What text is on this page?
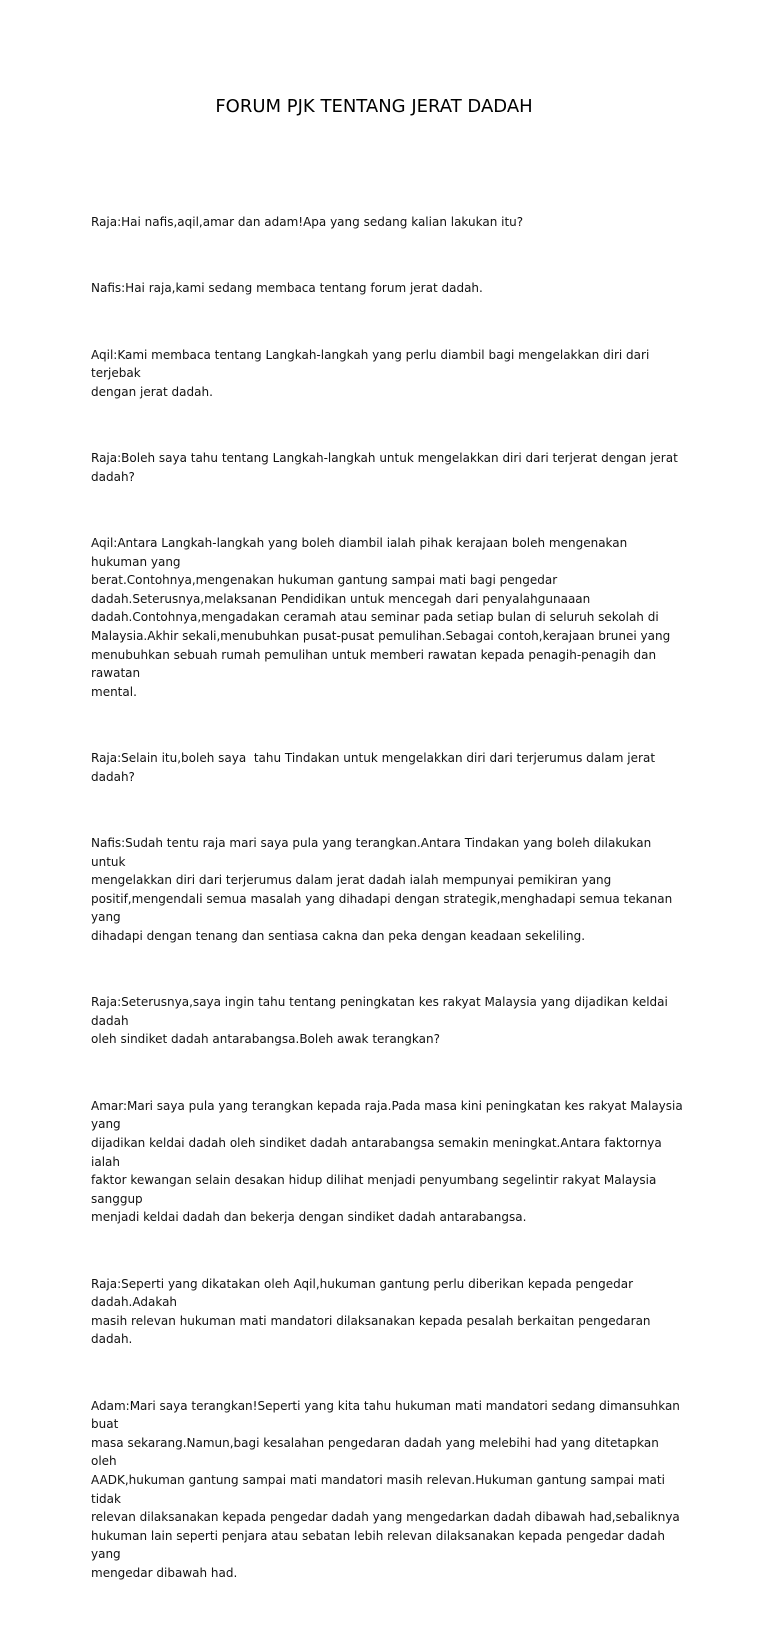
FORUM PJK TENTANG JERAT DADAH

Raja:Hai nafis,aqil,amar dan adam!Apa yang sedang kalian lakukan itu?

Nafis:Hai raja,kami sedang membaca tentang forum jerat dadah.

Aqil:Kami membaca tentang Langkah-langkah yang perlu diambil bagi mengelakkan diri dari terjebak
dengan jerat dadah.

Raja:Boleh saya tahu tentang Langkah-langkah untuk mengelakkan diri dari terjerat dengan jerat dadah?

Aqil:Antara Langkah-langkah yang boleh diambil ialah pihak kerajaan boleh mengenakan hukuman yang
berat.Contohnya,mengenakan hukuman gantung sampai mati bagi pengedar
dadah.Seterusnya,melaksanan Pendidikan untuk mencegah dari penyalahgunaaan
dadah.Contohnya,mengadakan ceramah atau seminar pada setiap bulan di seluruh sekolah di
Malaysia.Akhir sekali,menubuhkan pusat-pusat pemulihan.Sebagai contoh,kerajaan brunei yang
menubuhkan sebuah rumah pemulihan untuk memberi rawatan kepada penagih-penagih dan rawatan
mental.

Raja:Selain itu,boleh saya  tahu Tindakan untuk mengelakkan diri dari terjerumus dalam jerat dadah?

Nafis:Sudah tentu raja mari saya pula yang terangkan.Antara Tindakan yang boleh dilakukan untuk
mengelakkan diri dari terjerumus dalam jerat dadah ialah mempunyai pemikiran yang
positif,mengendali semua masalah yang dihadapi dengan strategik,menghadapi semua tekanan yang
dihadapi dengan tenang dan sentiasa cakna dan peka dengan keadaan sekeliling.

Raja:Seterusnya,saya ingin tahu tentang peningkatan kes rakyat Malaysia yang dijadikan keldai dadah
oleh sindiket dadah antarabangsa.Boleh awak terangkan?

Amar:Mari saya pula yang terangkan kepada raja.Pada masa kini peningkatan kes rakyat Malaysia yang
dijadikan keldai dadah oleh sindiket dadah antarabangsa semakin meningkat.Antara faktornya ialah
faktor kewangan selain desakan hidup dilihat menjadi penyumbang segelintir rakyat Malaysia sanggup
menjadi keldai dadah dan bekerja dengan sindiket dadah antarabangsa.

Raja:Seperti yang dikatakan oleh Aqil,hukuman gantung perlu diberikan kepada pengedar dadah.Adakah
masih relevan hukuman mati mandatori dilaksanakan kepada pesalah berkaitan pengedaran dadah.

Adam:Mari saya terangkan!Seperti yang kita tahu hukuman mati mandatori sedang dimansuhkan buat
masa sekarang.Namun,bagi kesalahan pengedaran dadah yang melebihi had yang ditetapkan oleh
AADK,hukuman gantung sampai mati mandatori masih relevan.Hukuman gantung sampai mati tidak
relevan dilaksanakan kepada pengedar dadah yang mengedarkan dadah dibawah had,sebaliknya
hukuman lain seperti penjara atau sebatan lebih relevan dilaksanakan kepada pengedar dadah yang
mengedar dibawah had.
